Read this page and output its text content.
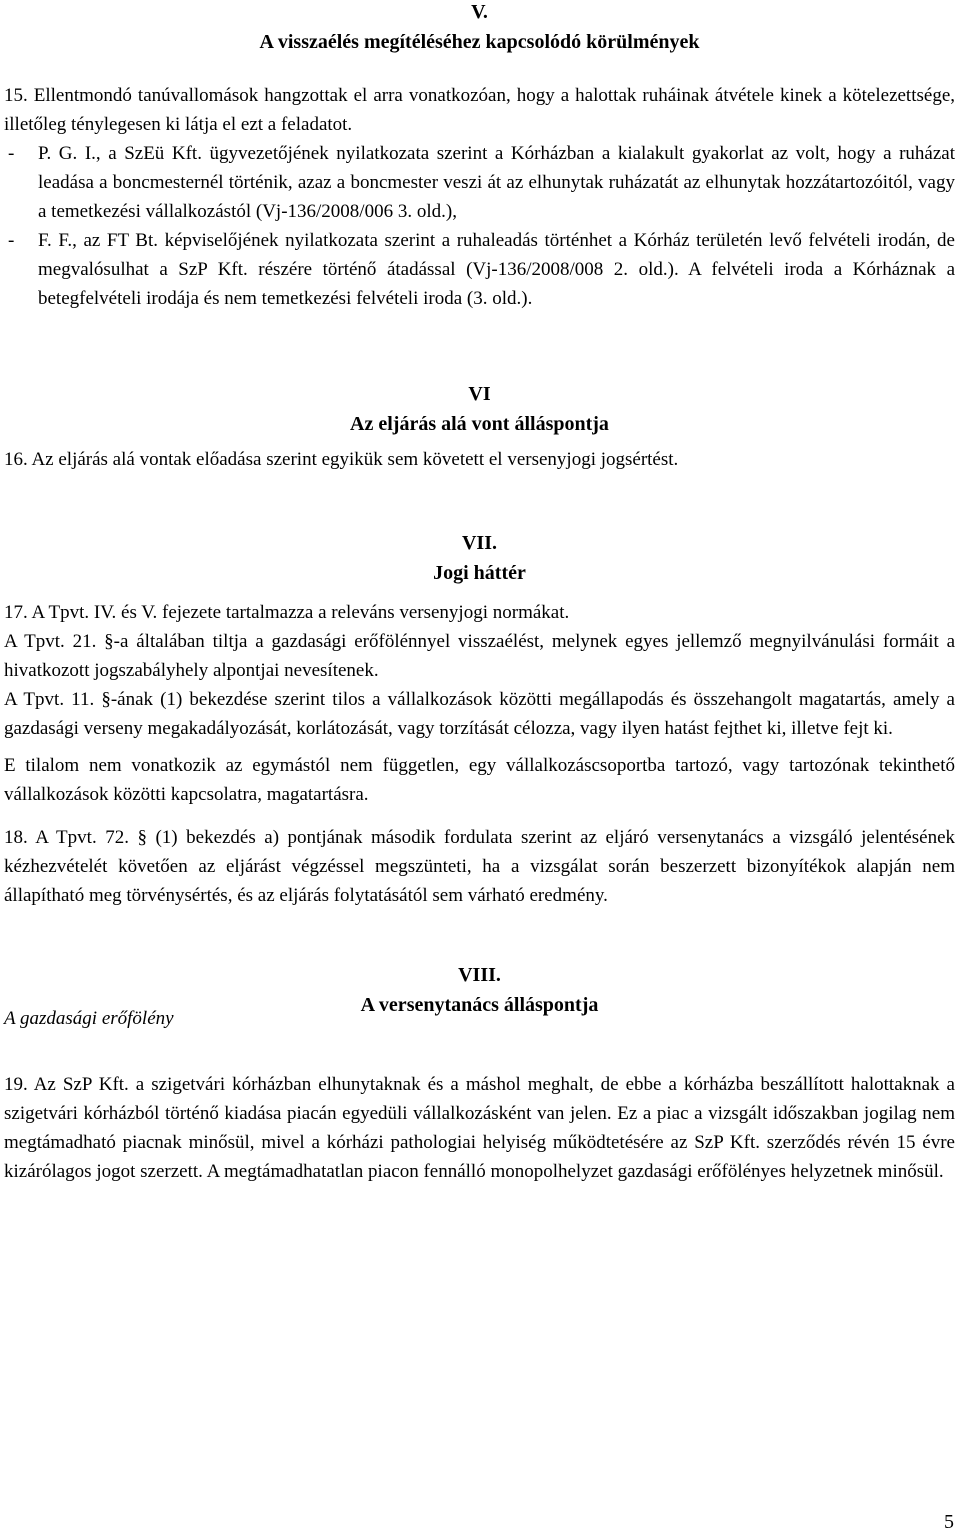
V.
A visszaélés megítéléséhez kapcsolódó körülmények

15. Ellentmondó tanúvallomások hangzottak el arra vonatkozóan, hogy a halottak ruháinak átvétele kinek a kötelezettsége, illetőleg ténylegesen ki látja el ezt a feladatot.

-	P. G. I., a SzEü Kft. ügyvezetőjének nyilatkozata szerint a Kórházban a kialakult gyakorlat az volt, hogy a ruházat leadása a boncmesternél történik, azaz a boncmester veszi át az elhunytak ruházatát az elhunytak hozzátartozóitól, vagy a temetkezési vállalkozástól (Vj-136/2008/006 3. old.),

-	F. F., az FT Bt. képviselőjének nyilatkozata szerint a ruhaleadás történhet a Kórház területén levő felvételi irodán, de megvalósulhat a SzP Kft. részére történő átadással (Vj-136/2008/008 2. old.). A felvételi iroda a Kórháznak a betegfelvételi irodája és nem temetkezési felvételi iroda (3. old.).

VI
Az eljárás alá vont álláspontja

16. Az eljárás alá vontak előadása szerint egyikük sem követett el versenyjogi jogsértést.

VII.
Jogi háttér

17. A Tpvt. IV. és V. fejezete tartalmazza a releváns versenyjogi normákat.

A Tpvt. 21. §-a általában tiltja a gazdasági erőfölénnyel visszaélést, melynek egyes jellemző megnyilvánulási formáit a hivatkozott jogszabályhely alpontjai nevesítenek.

A Tpvt. 11. §-ának (1) bekezdése szerint tilos a vállalkozások közötti megállapodás és összehangolt magatartás, amely a gazdasági verseny megakadályozását, korlátozását, vagy torzítását célozza, vagy ilyen hatást fejthet ki, illetve fejt ki.

E tilalom nem vonatkozik az egymástól nem független, egy vállalkozáscsoportba tartozó, vagy tartozónak tekinthető vállalkozások közötti kapcsolatra, magatartásra.

18. A Tpvt. 72. § (1) bekezdés a) pontjának második fordulata szerint az eljáró versenytanács a vizsgáló jelentésének kézhezvételét követően az eljárást végzéssel megszünteti, ha a vizsgálat során beszerzett bizonyítékok alapján nem állapítható meg törvénysértés, és az eljárás folytatásától sem várható eredmény.

VIII.
A versenytanács álláspontja
A gazdasági erőfölény

19. Az SzP Kft. a szigetvári kórházban elhunytaknak és a máshol meghalt, de ebbe a kórházba beszállított halottaknak a szigetvári kórházból történő kiadása piacán egyedüli vállalkozásként van jelen. Ez a piac a vizsgált időszakban jogilag nem megtámadható piacnak minősül, mivel a kórházi pathologiai helyiség működtetésére az SzP Kft. szerződés révén 15 évre kizárólagos jogot szerzett. A megtámadhatatlan piacon fennálló monopolhelyzet gazdasági erőfölényes helyzetnek minősül.

5
